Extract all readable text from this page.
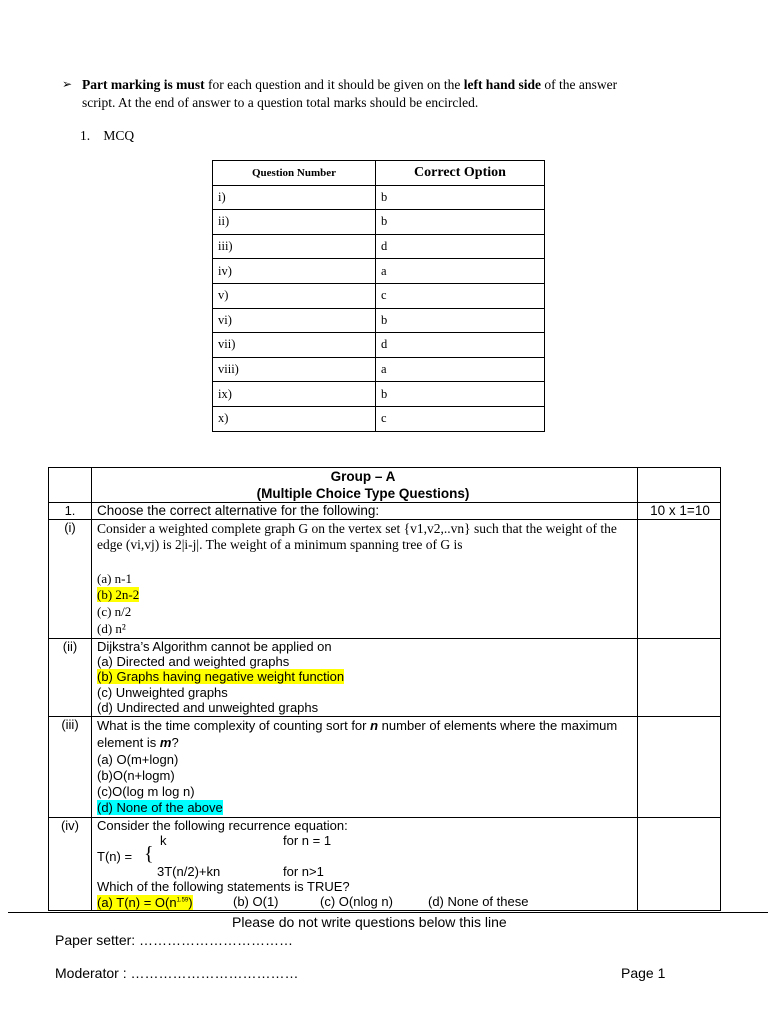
➢ Part marking is must for each question and it should be given on the left hand side of the answer
script. At the end of answer to a question total marks should be encircled.
1. MCQ
Question Number	Correct Option
i)	b
ii)	b
iii)	d
iv)	a
v)	c
vi)	b
vii)	d
viii)	a
ix)	b
x)	c
Group – A
(Multiple Choice Type Questions)
1.	Choose the correct alternative for the following:	10 x 1=10
(i)	Consider a weighted complete graph G on the vertex set {v1,v2,..vn} such that the weight of the edge (vi,vj) is 2|i-j|. The weight of a minimum spanning tree of G is
(a) n-1
(b) 2n-2
(c) n/2
(d) n²
(ii)	Dijkstra’s Algorithm cannot be applied on
(a) Directed and weighted graphs
(b) Graphs having negative weight function
(c) Unweighted graphs
(d) Undirected and unweighted graphs
(iii)	What is the time complexity of counting sort for n number of elements where the maximum element is m?
(a) O(m+logn)
(b)O(n+logm)
(c)O(log m log n)
(d) None of the above
(iv)	Consider the following recurrence equation:
k	for n = 1
T(n) = {
3T(n/2)+kn	for n>1
Which of the following statements is TRUE?
(a) $T(n) = O(n^{1.59})$	(b) O(1)	(c) O(nlog n)	(d) None of these
Please do not write questions below this line
Paper setter: ……………………………
Moderator : ………………………………	Page 1
